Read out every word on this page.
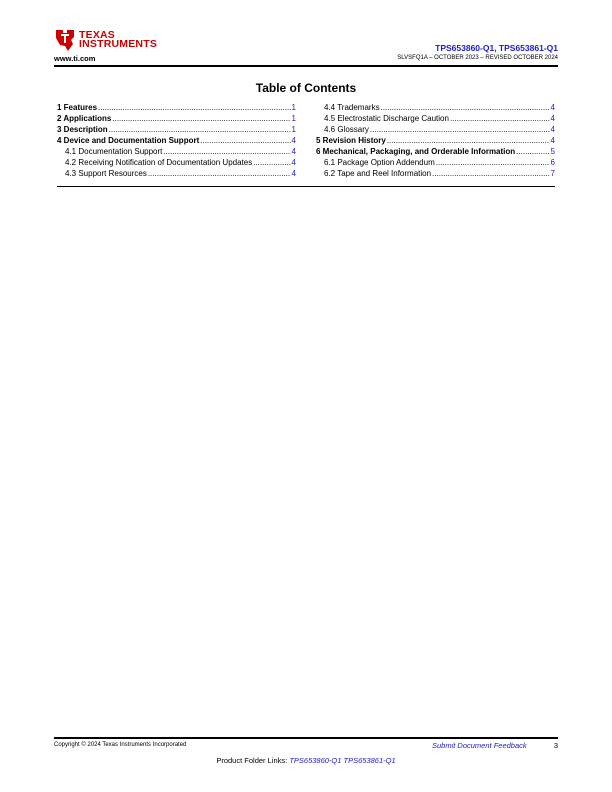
TEXAS
INSTRUMENTS
www.ti.com
TPS653860-Q1, TPS653861-Q1
SLVSFQ1A – OCTOBER 2023 – REVISED OCTOBER 2024
Table of Contents
1 Features .....	1
2 Applications .....	1
3 Description .....	1
4 Device and Documentation Support .....	4
4.1 Documentation Support .....	4
4.2 Receiving Notification of Documentation Updates .....	4
4.3 Support Resources .....	4
4.4 Trademarks .....	4
4.5 Electrostatic Discharge Caution .....	4
4.6 Glossary .....	4
5 Revision History .....	4
6 Mechanical, Packaging, and Orderable Information .....	5
6.1 Package Option Addendum .....	6
6.2 Tape and Reel Information .....	7
Copyright © 2024 Texas Instruments Incorporated	Submit Document Feedback	3
Product Folder Links: TPS653860-Q1 TPS653861-Q1
